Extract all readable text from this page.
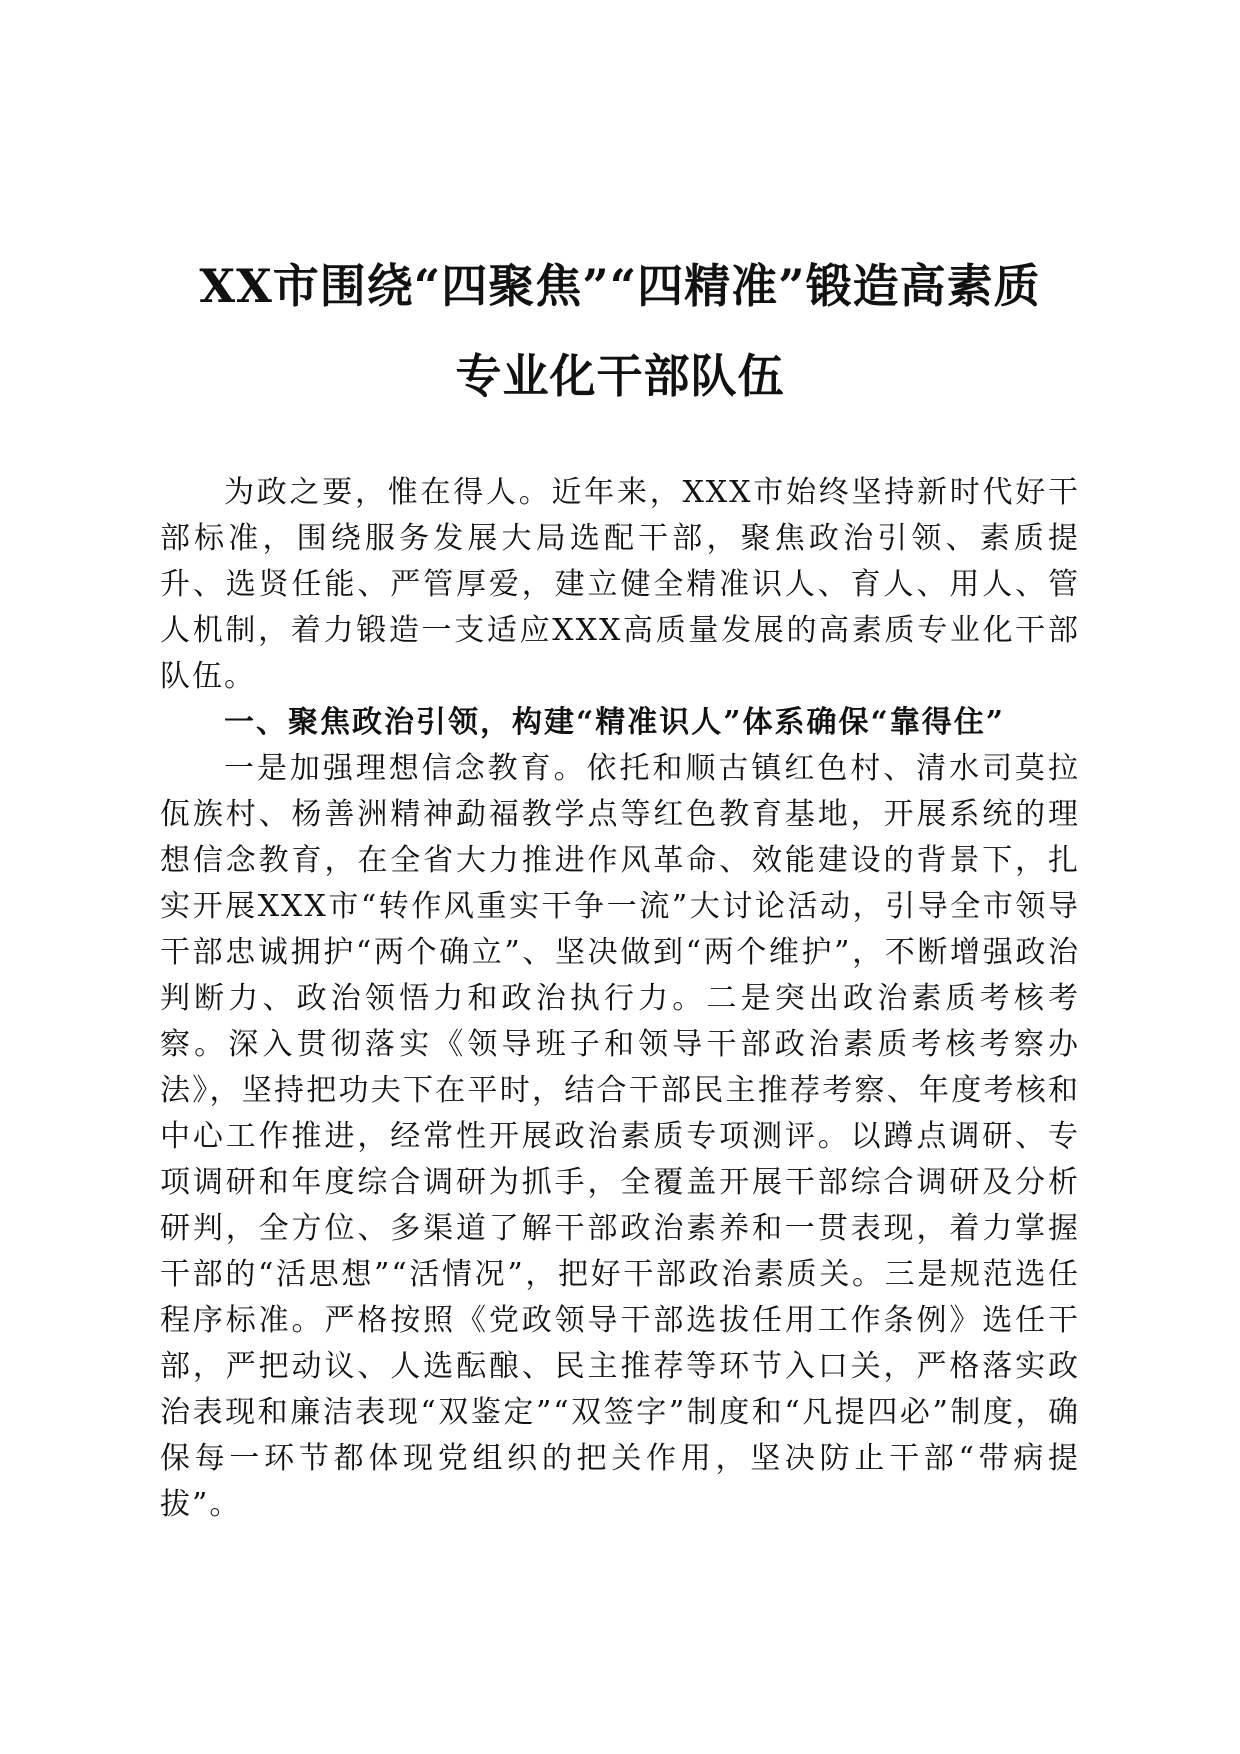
XX市围绕“四聚焦”“四精准”锻造高素质
专业化干部队伍

为政之要，惟在得人。近年来，XXX市始终坚持新时代好干部标准，围绕服务发展大局选配干部，聚焦政治引领、素质提升、选贤任能、严管厚爱，建立健全精准识人、育人、用人、管人机制，着力锻造一支适应XXX高质量发展的高素质专业化干部队伍。

一、聚焦政治引领，构建“精准识人”体系确保“靠得住”

一是加强理想信念教育。依托和顺古镇红色村、清水司莫拉佤族村、杨善洲精神勐福教学点等红色教育基地，开展系统的理想信念教育，在全省大力推进作风革命、效能建设的背景下，扎实开展XXX市“转作风重实干争一流”大讨论活动，引导全市领导干部忠诚拥护“两个确立”、坚决做到“两个维护”，不断增强政治判断力、政治领悟力和政治执行力。二是突出政治素质考核考察。深入贯彻落实《领导班子和领导干部政治素质考核考察办法》，坚持把功夫下在平时，结合干部民主推荐考察、年度考核和中心工作推进，经常性开展政治素质专项测评。以蹲点调研、专项调研和年度综合调研为抓手，全覆盖开展干部综合调研及分析研判，全方位、多渠道了解干部政治素养和一贯表现，着力掌握干部的“活思想”“活情况”，把好干部政治素质关。三是规范选任程序标准。严格按照《党政领导干部选拔任用工作条例》选任干部，严把动议、人选酝酿、民主推荐等环节入口关，严格落实政治表现和廉洁表现“双鉴定”“双签字”制度和“凡提四必”制度，确保每一环节都体现党组织的把关作用，坚决防止干部“带病提拔”。
